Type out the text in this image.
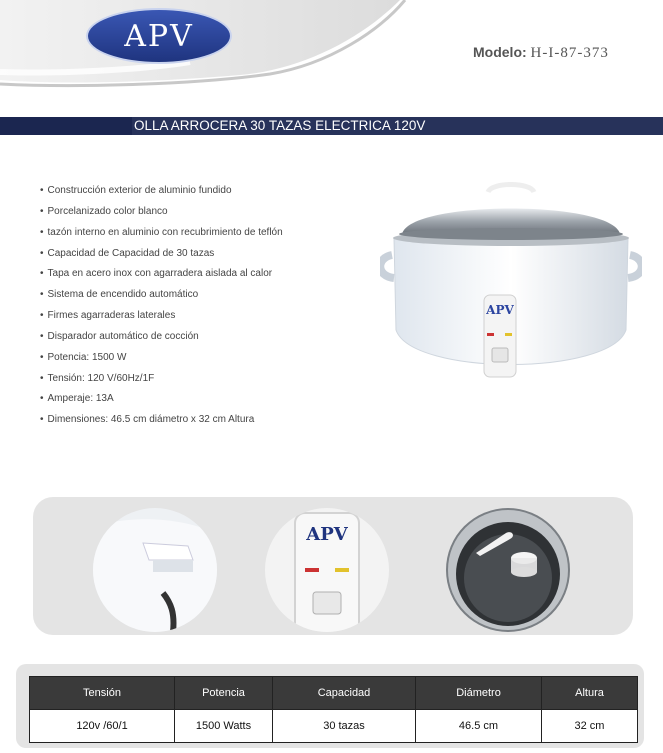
APV	Modelo: H-I-87-373
OLLA ARROCERA 30 TAZAS ELECTRICA 120V
• Construcción exterior de aluminio fundido
• Porcelanizado color blanco
• tazón interno en aluminio con recubrimiento de teflón
• Capacidad de Capacidad de 30 tazas
• Tapa en acero inox con agarradera aislada al calor
• Sistema de encendido automático
• Firmes agarraderas laterales
• Disparador automático de cocción
• Potencia: 1500 W
• Tensión: 120 V/60Hz/1F
• Amperaje: 13A
• Dimensiones: 46.5 cm diámetro x 32 cm Altura
APV
APV
Tensión	Potencia	Capacidad	Diámetro	Altura
120v /60/1	1500 Watts	30 tazas	46.5 cm	32 cm
